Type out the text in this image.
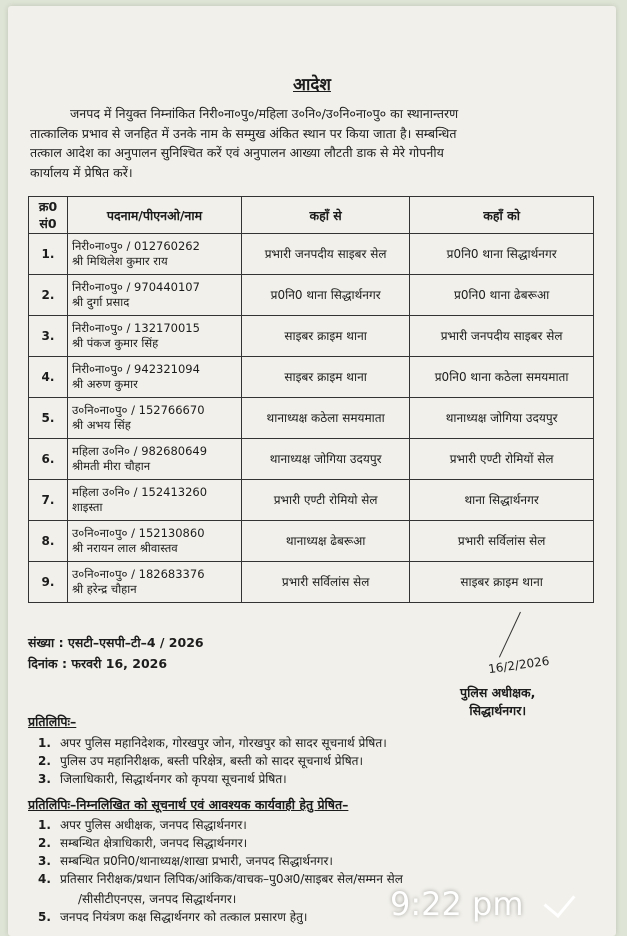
आदेश
जनपद में नियुक्त निम्नांकित निरी०ना०पु०/महिला उ०नि०/उ०नि०ना०पु० का स्थानान्तरण
तात्कालिक प्रभाव से जनहित में उनके नाम के सम्मुख अंकित स्थान पर किया जाता है। सम्बन्धित
तत्काल आदेश का अनुपालन सुनिश्चित करें एवं अनुपालन आख्या लौटती डाक से मेरे गोपनीय
कार्यालय में प्रेषित करें।
क्र0 सं0	पदनाम/पीएनओ/नाम	कहाँ से	कहाँ को
1.	निरी०ना०पु० / 012760262
श्री मिथिलेश कुमार राय	प्रभारी जनपदीय साइबर सेल	प्र0नि0 थाना सिद्धार्थनगर
2.	निरी०ना०पु० / 970440107
श्री दुर्गा प्रसाद	प्र0नि0 थाना सिद्धार्थनगर	प्र0नि0 थाना ढेबरूआ
3.	निरी०ना०पु० / 132170015
श्री पंकज कुमार सिंह	साइबर क्राइम थाना	प्रभारी जनपदीय साइबर सेल
4.	निरी०ना०पु० / 942321094
श्री अरुण कुमार	साइबर क्राइम थाना	प्र0नि0 थाना कठेला समयमाता
5.	उ०नि०ना०पु० / 152766670
श्री अभय सिंह	थानाध्यक्ष कठेला समयमाता	थानाध्यक्ष जोगिया उदयपुर
6.	महिला उ०नि० / 982680649
श्रीमती मीरा चौहान	थानाध्यक्ष जोगिया उदयपुर	प्रभारी एण्टी रोमियों सेल
7.	महिला उ०नि० / 152413260
शाइस्ता	प्रभारी एण्टी रोमियो सेल	थाना सिद्धार्थनगर
8.	उ०नि०ना०पु० / 152130860
श्री नरायन लाल श्रीवास्तव	थानाध्यक्ष ढेबरूआ	प्रभारी सर्विलांस सेल
9.	उ०नि०ना०पु० / 182683376
श्री हरेन्द्र चौहान	प्रभारी सर्विलांस सेल	साइबर क्राइम थाना
संख्या : एसटी–एसपी–टी–4 / 2026
दिनांक : फरवरी 16, 2026	16/2/2026
पुलिस अधीक्षक,
सिद्धार्थनगर।
प्रतिलिपिः–
1. अपर पुलिस महानिदेशक, गोरखपुर जोन, गोरखपुर को सादर सूचनार्थ प्रेषित।
2. पुलिस उप महानिरीक्षक, बस्ती परिक्षेत्र, बस्ती को सादर सूचनार्थ प्रेषित।
3. जिलाधिकारी, सिद्धार्थनगर को कृपया सूचनार्थ प्रेषित।
प्रतिलिपिः–निम्नलिखित को सूचनार्थ एवं आवश्यक कार्यवाही हेतु प्रेषित–
1. अपर पुलिस अधीक्षक, जनपद सिद्धार्थनगर।
2. सम्बन्धित क्षेत्राधिकारी, जनपद सिद्धार्थनगर।
3. सम्बन्धित प्र0नि0/थानाध्यक्ष/शाखा प्रभारी, जनपद सिद्धार्थनगर।
4. प्रतिसार निरीक्षक/प्रधान लिपिक/आंकिक/वाचक–पु0अ0/साइबर सेल/सम्मन सेल
/सीसीटीएनएस, जनपद सिद्धार्थनगर।
5. जनपद नियंत्रण कक्ष सिद्धार्थनगर को तत्काल प्रसारण हेतु।	9:22 pm
